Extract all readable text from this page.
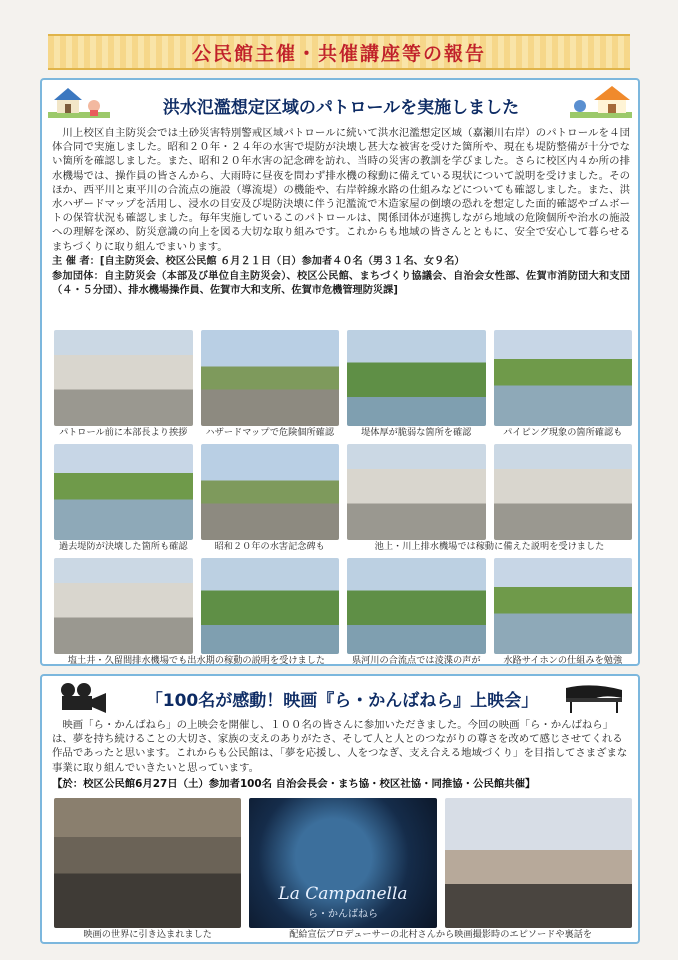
公民館主催・共催講座等の報告
洪水氾濫想定区域のパトロールを実施しました

川上校区自主防災会では土砂災害特別警戒区域パトロールに続いて洪水氾濫想定区域（嘉瀬川右岸）のパトロールを４団体合同で実施しました。昭和２０年・２４年の水害で堤防が決壊し甚大な被害を受けた箇所や、現在も堤防整備が十分でない箇所を確認しました。また、昭和２０年水害の記念碑を訪れ、当時の災害の教訓を学びました。さらに校区内４か所の排水機場では、操作員の皆さんから、大雨時に昼夜を問わず排水機の稼動に備えている現状について説明を受けました。そのほか、西平川と東平川の合流点の施設（導流堤）の機能や、右岸幹線水路の仕組みなどについても確認しました。また、洪水ハザードマップを活用し、浸水の目安及び堤防決壊に伴う氾濫流で木造家屋の倒壊の恐れを想定した面的確認やゴムボートの保管状況も確認しました。毎年実施しているこのパトロールは、関係団体が連携しながら地域の危険個所や治水の施設への理解を深め、防災意識の向上を図る大切な取り組みです。これからも地域の皆さんとともに、安全で安心して暮らせるまちづくりに取り組んでまいります。

主 催 者：[自主防災会、校区公民館 ６月２１日（日）参加者４０名（男３１名、女９名）
参加団体：自主防災会（本部及び単位自主防災会）、校区公民館、まちづくり協議会、自治会女性部、佐賀市消防団大和支団（４・５分団）、排水機場操作員、佐賀市大和支所、佐賀市危機管理防災課]
パトロール前に本部長より挨拶	ハザードマップで危険個所確認	堤体厚が脆弱な箇所を確認	パイピング現象の箇所確認も
過去堤防が決壊した箇所も確認	昭和２０年の水害記念碑も	池上・川上排水機場では稼動に備えた説明を受けました
塩土井・久留間排水機場でも出水期の稼動の説明を受けました	県河川の合流点では淩渫の声が	水路サイホンの仕組みを勉強
「100名が感動！映画『ら・かんばねら』上映会」

映画「ら・かんばねら」の上映会を開催し、１００名の皆さんに参加いただきました。今回の映画「ら・かんばねら」は、夢を持ち続けることの大切さ、家族の支えのありがたさ、そして人と人とのつながりの尊さを改めて感じさせてくれる作品であったと思います。これからも公民館は、「夢を応援し、人をつなぎ、支え合える地域づくり」を目指してさまざまな事業に取り組んでいきたいと思っています。

【於：校区公民館6月27日（土）参加者100名 自治会長会・まち協・校区社協・同推協・公民館共催】
映画の世界に引き込まれました
La Campanella
ら・かんばねら
配給宣伝プロデューサーの北村さんから映画撮影時のエピソードや裏話を
